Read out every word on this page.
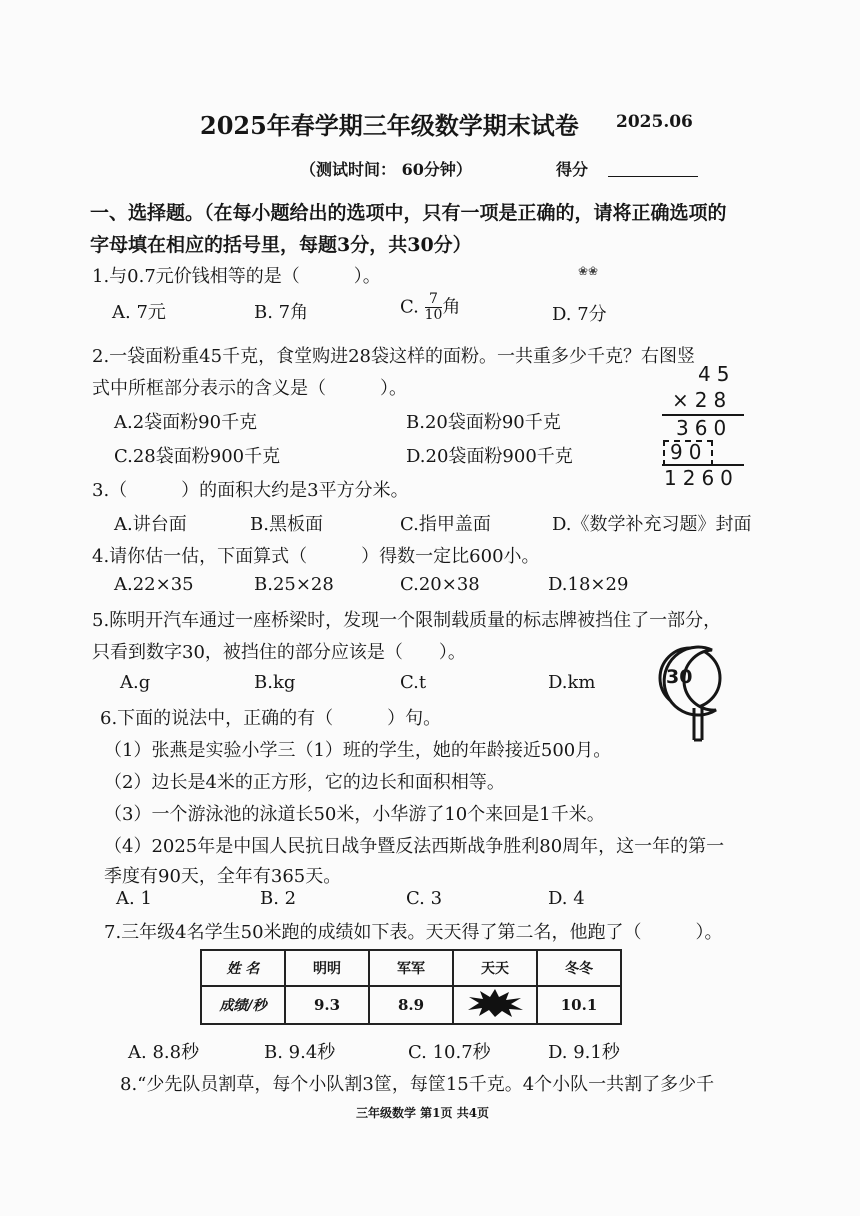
2025年春学期三年级数学期末试卷 2025.06
（测试时间： 60分钟）	得分
一、选择题。（在每小题给出的选项中，只有一项是正确的，请将正确选项的
字母填在相应的括号里，每题3分，共30分）
1.与0.7元价钱相等的是（　　　）。	❀❀
A. 7元	B. 7角	C. $\frac{7}{10}$ 角	D. 7分
2.一袋面粉重45千克，食堂购进28袋这样的面粉。一共重多少千克？右图竖
式中所框部分表示的含义是（　　　）。
A.2袋面粉90千克	B.20袋面粉90千克
C.28袋面粉900千克	D.20袋面粉900千克
45
×28
360
90
1260
3.（　　　）的面积大约是3平方分米。
A.讲台面	B.黑板面	C.指甲盖面	D.《数学补充习题》封面
4.请你估一估，下面算式（　　　）得数一定比600小。
A.22×35	B.25×28	C.20×38	D.18×29
5.陈明开汽车通过一座桥梁时，发现一个限制载质量的标志牌被挡住了一部分，
只看到数字30，被挡住的部分应该是（　　）。
A.g	B.kg	C.t	D.km	30
6.下面的说法中，正确的有（　　　）句。
（1）张燕是实验小学三（1）班的学生，她的年龄接近500月。
（2）边长是4米的正方形，它的边长和面积相等。
（3）一个游泳池的泳道长50米，小华游了10个来回是1千米。
（4）2025年是中国人民抗日战争暨反法西斯战争胜利80周年，这一年的第一
季度有90天，全年有365天。
A. 1	B. 2	C. 3	D. 4
7.三年级4名学生50米跑的成绩如下表。天天得了第二名，他跑了（　　　）。
姓 名	明明	军军	天天	冬冬
成绩/秒	9.3	8.9		10.1
A. 8.8秒	B. 9.4秒	C. 10.7秒	D. 9.1秒
8.“少先队员割草，每个小队割3筐，每筐15千克。4个小队一共割了多少千
三年级数学 第1页 共4页
